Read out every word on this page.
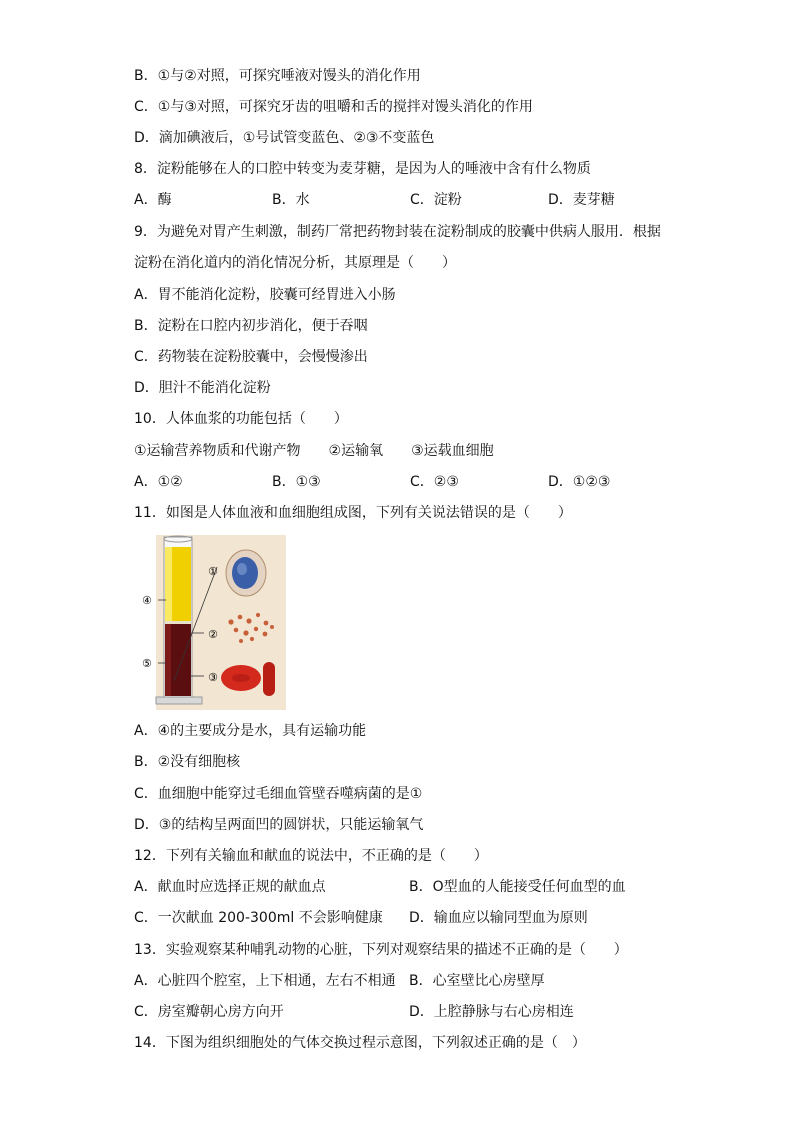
B．①与②对照，可探究唾液对馒头的消化作用
C．①与③对照，可探究牙齿的咀嚼和舌的搅拌对馒头消化的作用
D．滴加碘液后，①号试管变蓝色、②③不变蓝色
8．淀粉能够在人的口腔中转变为麦芽糖，是因为人的唾液中含有什么物质
A．酶	B．水	C．淀粉	D．麦芽糖
9．为避免对胃产生刺激，制药厂常把药物封装在淀粉制成的胶囊中供病人服用．根据
淀粉在消化道内的消化情况分析，其原理是（　　）
A．胃不能消化淀粉，胶囊可经胃进入小肠
B．淀粉在口腔内初步消化，便于吞咽
C．药物装在淀粉胶囊中，会慢慢渗出
D．胆汁不能消化淀粉
10．人体血浆的功能包括（　　）
①运输营养物质和代谢产物　　②运输氧　　③运载血细胞
A．①②	B．①③	C．②③	D．①②③
11．如图是人体血液和血细胞组成图，下列有关说法错误的是（　　）
①
②
③
④
⑤
A．④的主要成分是水，具有运输功能
B．②没有细胞核
C．血细胞中能穿过毛细血管壁吞噬病菌的是①
D．③的结构呈两面凹的圆饼状，只能运输氧气
12．下列有关输血和献血的说法中，不正确的是（　　）
A．献血时应选择正规的献血点	B．O型血的人能接受任何血型的血
C．一次献血 200-300ml 不会影响健康 D．输血应以输同型血为原则
13．实验观察某种哺乳动物的心脏，下列对观察结果的描述不正确的是（　　）
A．心脏四个腔室，上下相通，左右不相通 B．心室壁比心房壁厚
C．房室瓣朝心房方向开	D．上腔静脉与右心房相连
14．下图为组织细胞处的气体交换过程示意图，下列叙述正确的是（　）
